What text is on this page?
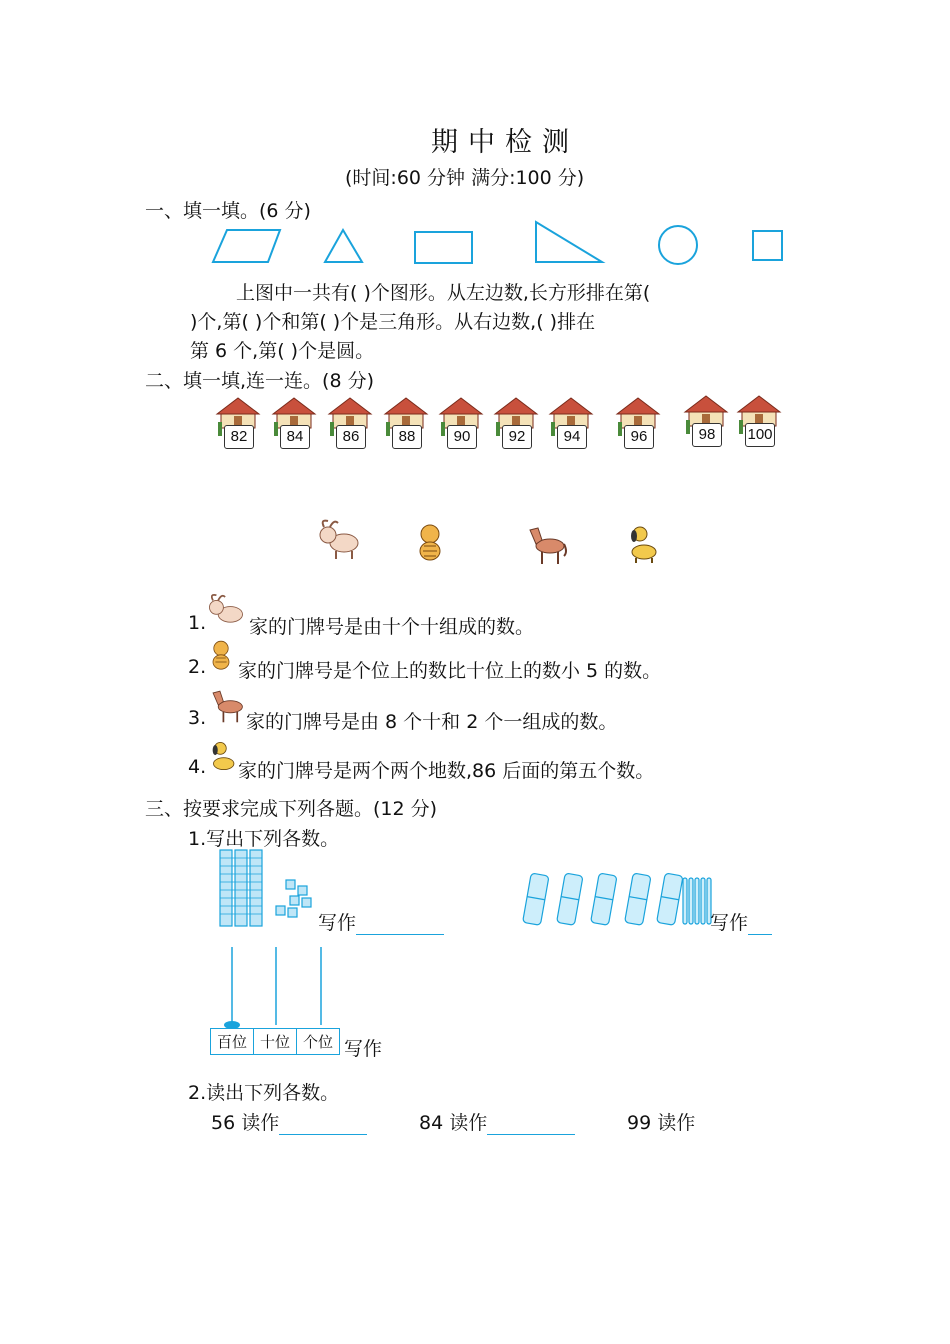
期中检测
(时间:60 分钟 满分:100 分)
一、填一填。(6 分)
上图中一共有( )个图形。从左边数,长方形排在第(
)个,第( )个和第( )个是三角形。从右边数,( )排在
第 6 个,第( )个是圆。
二、填一填,连一连。(8 分)
82	84	86	88	90	92	94	96	98	100
1. 家的门牌号是由十个十组成的数。
2. 家的门牌号是个位上的数比十位上的数小 5 的数。
3. 家的门牌号是由 8 个十和 2 个一组成的数。
4. 家的门牌号是两个两个地数,86 后面的第五个数。
三、按要求完成下列各题。(12 分)
1.写出下列各数。
写作	写作
百位 十位 个位 写作
2.读出下列各数。
56 读作	84 读作	99 读作
